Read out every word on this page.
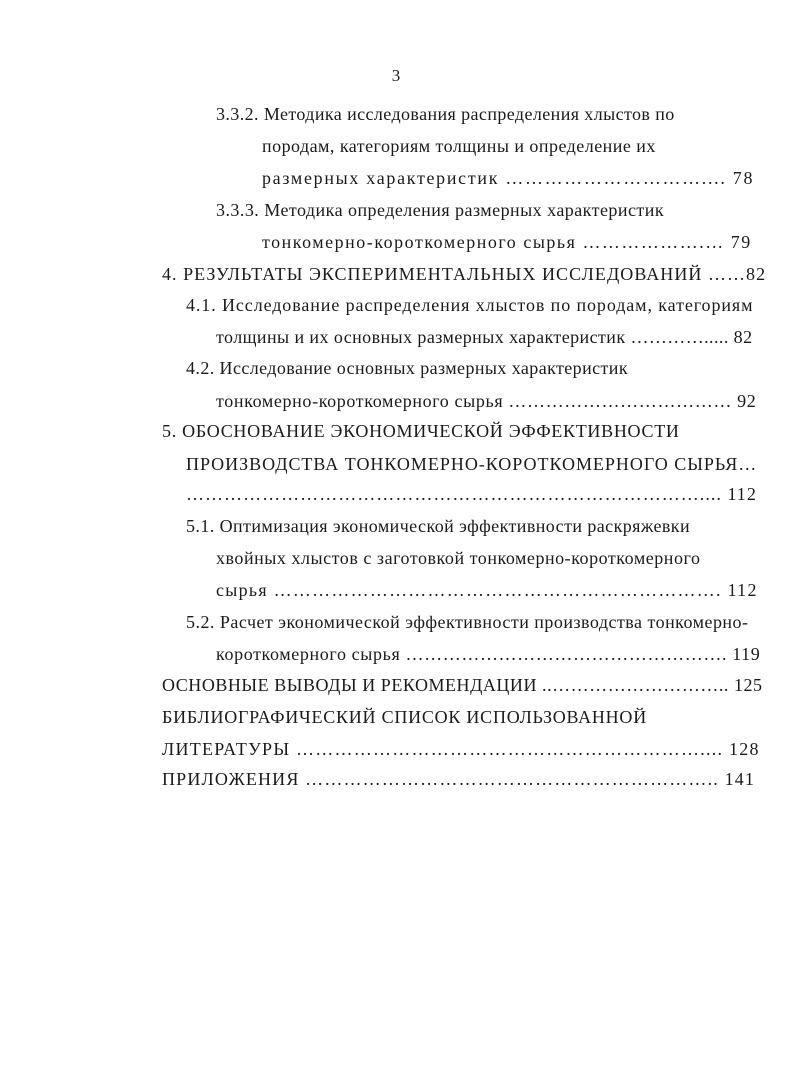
3
3.3.2. Методика исследования распределения хлыстов по
породам, категориям толщины и определение их
размерных характеристик ………………………….... 78
3.3.3. Методика определения размерных характеристик
тонкомерно-короткомерного сырья ……………….… 79
4. РЕЗУЛЬТАТЫ ЭКСПЕРИМЕНТАЛЬНЫХ ИССЛЕДОВАНИЙ ……82
4.1. Исследование распределения хлыстов по породам, категориям
толщины и их основных размерных характеристик …………..... 82
4.2. Исследование основных размерных характеристик
тонкомерно-короткомерного сырья ……………………………… 92
5. ОБОСНОВАНИЕ ЭКОНОМИЧЕСКОЙ ЭФФЕКТИВНОСТИ
ПРОИЗВОДСТВА ТОНКОМЕРНО-КОРОТКОМЕРНОГО СЫРЬЯ…
……………………………………………………………………….... 112
5.1. Оптимизация экономической эффективности раскряжевки
хвойных хлыстов с заготовкой тонкомерно-короткомерного
сырья ……………………………………………………………. 112
5.2. Расчет экономической эффективности производства тонкомерно-
короткомерного сырья ……………………………………………. 119
ОСНОВНЫЕ ВЫВОДЫ И РЕКОМЕНДАЦИИ ..……………………….. 125
БИБЛИОГРАФИЧЕСКИЙ СПИСОК ИСПОЛЬЗОВАННОЙ
ЛИТЕРАТУРЫ ……………………………………………………….... 128
ПРИЛОЖЕНИЯ ……………………………………………………….. 141
